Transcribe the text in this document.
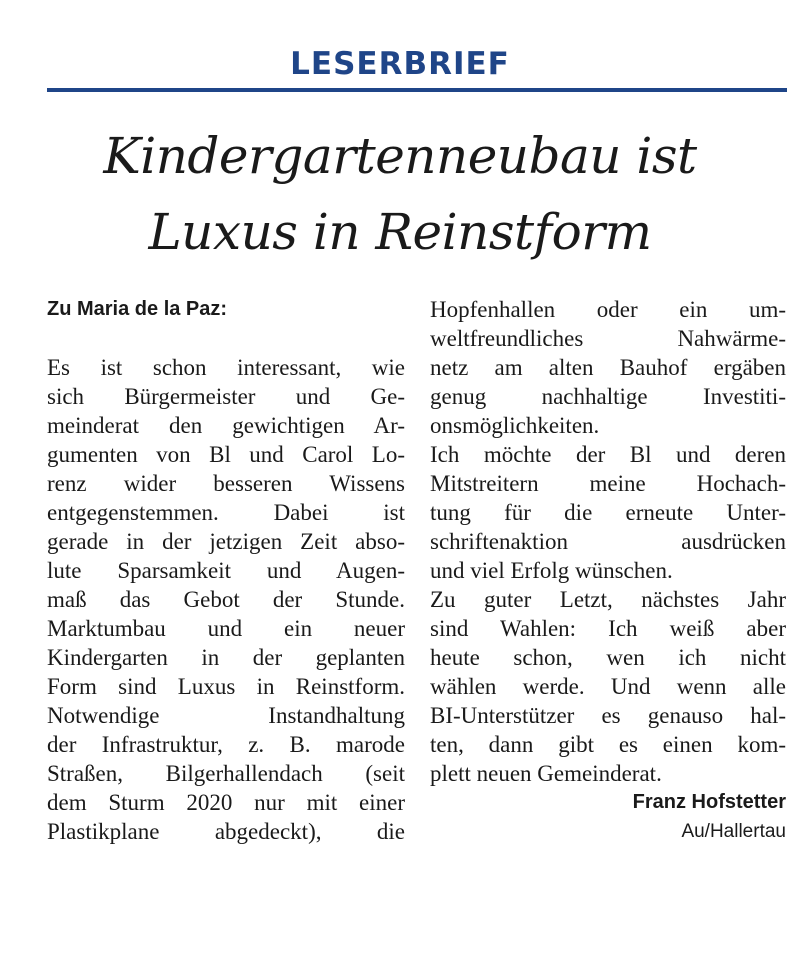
LESERBRIEF
Kindergartenneubau ist
Luxus in Reinstform
Zu Maria de la Paz:
Es ist schon interessant, wie
sich Bürgermeister und Ge-
meinderat den gewichtigen Ar-
gumenten von Bl und Carol Lo-
renz wider besseren Wissens
entgegenstemmen. Dabei ist
gerade in der jetzigen Zeit abso-
lute Sparsamkeit und Augen-
maß das Gebot der Stunde.
Marktumbau und ein neuer
Kindergarten in der geplanten
Form sind Luxus in Reinstform.
Notwendige Instandhaltung
der Infrastruktur, z. B. marode
Straßen, Bilgerhallendach (seit
dem Sturm 2020 nur mit einer
Plastikplane abgedeckt), die
Hopfenhallen oder ein um-
weltfreundliches Nahwärme-
netz am alten Bauhof ergäben
genug nachhaltige Investiti-
onsmöglichkeiten.
Ich möchte der Bl und deren
Mitstreitern meine Hochach-
tung für die erneute Unter-
schriftenaktion ausdrücken
und viel Erfolg wünschen.
Zu guter Letzt, nächstes Jahr
sind Wahlen: Ich weiß aber
heute schon, wen ich nicht
wählen werde. Und wenn alle
BI-Unterstützer es genauso hal-
ten, dann gibt es einen kom-
plett neuen Gemeinderat.
Franz Hofstetter
Au/Hallertau
